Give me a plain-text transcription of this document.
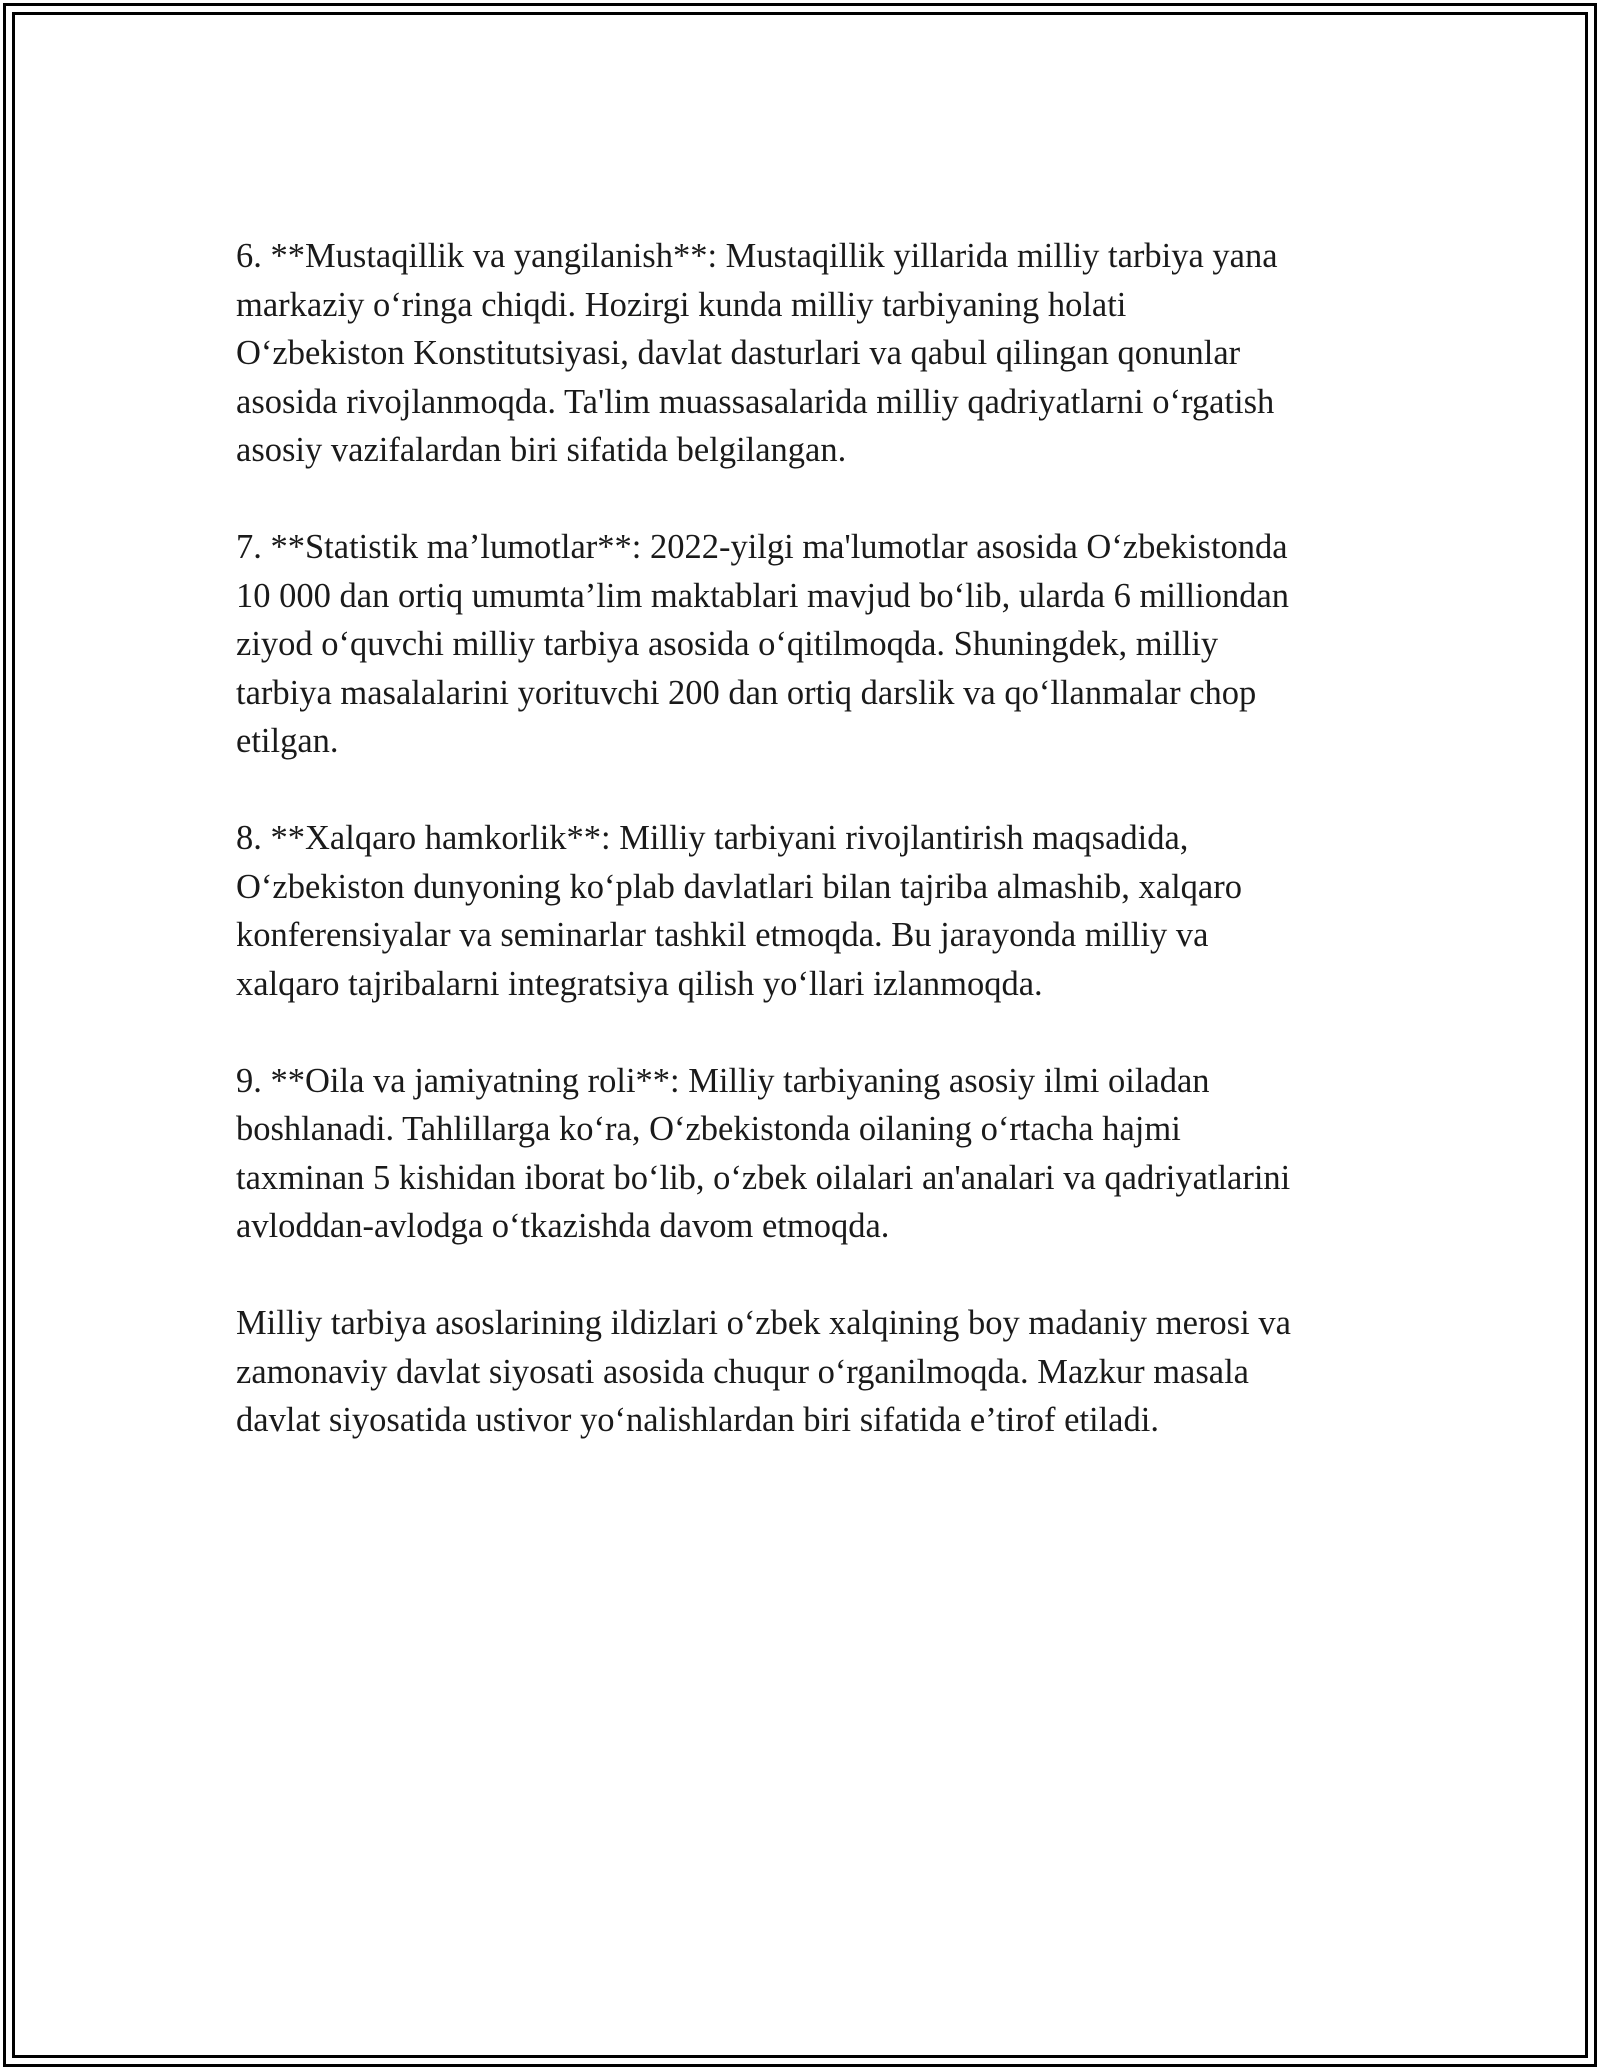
6. **Mustaqillik va yangilanish**: Mustaqillik yillarida milliy tarbiya yana
markaziy o‘ringa chiqdi. Hozirgi kunda milliy tarbiyaning holati
O‘zbekiston Konstitutsiyasi, davlat dasturlari va qabul qilingan qonunlar
asosida rivojlanmoqda. Ta'lim muassasalarida milliy qadriyatlarni o‘rgatish
asosiy vazifalardan biri sifatida belgilangan.

7. **Statistik ma’lumotlar**: 2022-yilgi ma'lumotlar asosida O‘zbekistonda
10 000 dan ortiq umumta’lim maktablari mavjud bo‘lib, ularda 6 milliondan
ziyod o‘quvchi milliy tarbiya asosida o‘qitilmoqda. Shuningdek, milliy
tarbiya masalalarini yorituvchi 200 dan ortiq darslik va qo‘llanmalar chop
etilgan.

8. **Xalqaro hamkorlik**: Milliy tarbiyani rivojlantirish maqsadida,
O‘zbekiston dunyoning ko‘plab davlatlari bilan tajriba almashib, xalqaro
konferensiyalar va seminarlar tashkil etmoqda. Bu jarayonda milliy va
xalqaro tajribalarni integratsiya qilish yo‘llari izlanmoqda.

9. **Oila va jamiyatning roli**: Milliy tarbiyaning asosiy ilmi oiladan
boshlanadi. Tahlillarga ko‘ra, O‘zbekistonda oilaning o‘rtacha hajmi
taxminan 5 kishidan iborat bo‘lib, o‘zbek oilalari an'analari va qadriyatlarini
avloddan-avlodga o‘tkazishda davom etmoqda.

Milliy tarbiya asoslarining ildizlari o‘zbek xalqining boy madaniy merosi va
zamonaviy davlat siyosati asosida chuqur o‘rganilmoqda. Mazkur masala
davlat siyosatida ustivor yo‘nalishlardan biri sifatida e’tirof etiladi.
